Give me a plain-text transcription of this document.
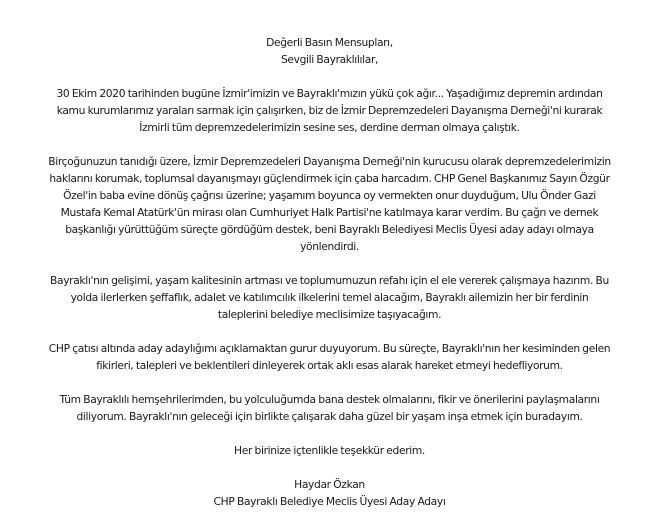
Değerli Basın Mensupları,

Sevgili Bayraklılılar,

30 Ekim 2020 tarihinden bugüne İzmir'imizin ve Bayraklı'mızın yükü çok ağır... Yaşadığımız depremin ardından

kamu kurumlarımız yaraları sarmak için çalışırken, biz de İzmir Depremzedeleri Dayanışma Derneği'ni kurarak

İzmirli tüm depremzedelerimizin sesine ses, derdine derman olmaya çalıştık.

Birçoğunuzun tanıdığı üzere, İzmir Depremzedeleri Dayanışma Derneği'nin kurucusu olarak depremzedelerimizin

haklarını korumak, toplumsal dayanışmayı güçlendirmek için çaba harcadım. CHP Genel Başkanımız Sayın Özgür

Özel'in baba evine dönüş çağrısı üzerine; yaşamım boyunca oy vermekten onur duyduğum, Ulu Önder Gazi

Mustafa Kemal Atatürk'ün mirası olan Cumhuriyet Halk Partisi'ne katılmaya karar verdim. Bu çağrı ve dernek

başkanlığı yürüttüğüm süreçte gördüğüm destek, beni Bayraklı Belediyesi Meclis Üyesi aday adayı olmaya

yönlendirdi.

Bayraklı'nın gelişimi, yaşam kalitesinin artması ve toplumumuzun refahı için el ele vererek çalışmaya hazırım. Bu

yolda ilerlerken şeffaflık, adalet ve katılımcılık ilkelerini temel alacağım, Bayraklı ailemizin her bir ferdinin

taleplerini belediye meclisimize taşıyacağım.

CHP çatısı altında aday adaylığımı açıklamaktan gurur duyuyorum. Bu süreçte, Bayraklı'nın her kesiminden gelen

fikirleri, talepleri ve beklentileri dinleyerek ortak aklı esas alarak hareket etmeyi hedefliyorum.

Tüm Bayraklılı hemşehrilerimden, bu yolculuğumda bana destek olmalarını, fikir ve önerilerini paylaşmalarını

diliyorum. Bayraklı'nın geleceği için birlikte çalışarak daha güzel bir yaşam inşa etmek için buradayım.

Her birinize içtenlikle teşekkür ederim.

Haydar Özkan

CHP Bayraklı Belediye Meclis Üyesi Aday Adayı
